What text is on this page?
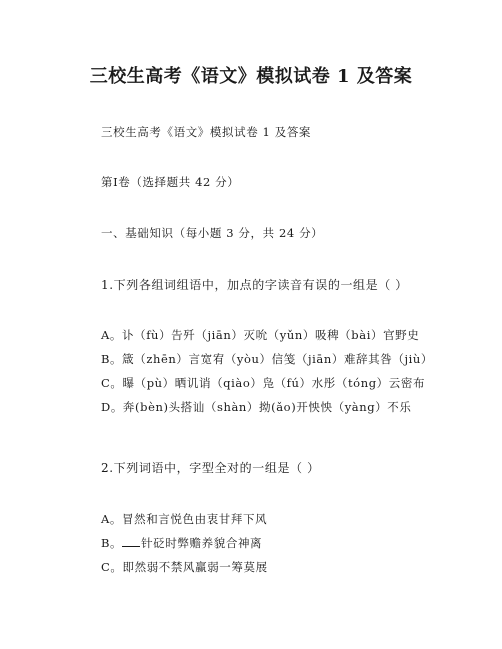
三校生高考《语文》模拟试卷 1 及答案
三校生高考《语文》模拟试卷 1 及答案
第Ⅰ卷（选择题共 42 分）
一、基础知识（每小题 3 分，共 24 分）
1.下列各组词组语中，加点的字读音有误的一组是（ ）
A。讣（fù）告歼（jiān）灭吮（yǔn）吸稗（bài）官野史
B。箴（zhēn）言宽宥（yòu）信笺（jiān）难辞其咎（jiù）
C。曝（pù）晒讥诮（qiào）凫（fú）水彤（tóng）云密布
D。奔(bèn)头搭讪（shàn）拗(ǎo)开怏怏（yàng）不乐
2.下列词语中，字型全对的一组是（ ）
A。冒然和言悦色由衷甘拜下风
B。 针砭时弊赡养貌合神离
C。即然弱不禁风赢弱一筹莫展
